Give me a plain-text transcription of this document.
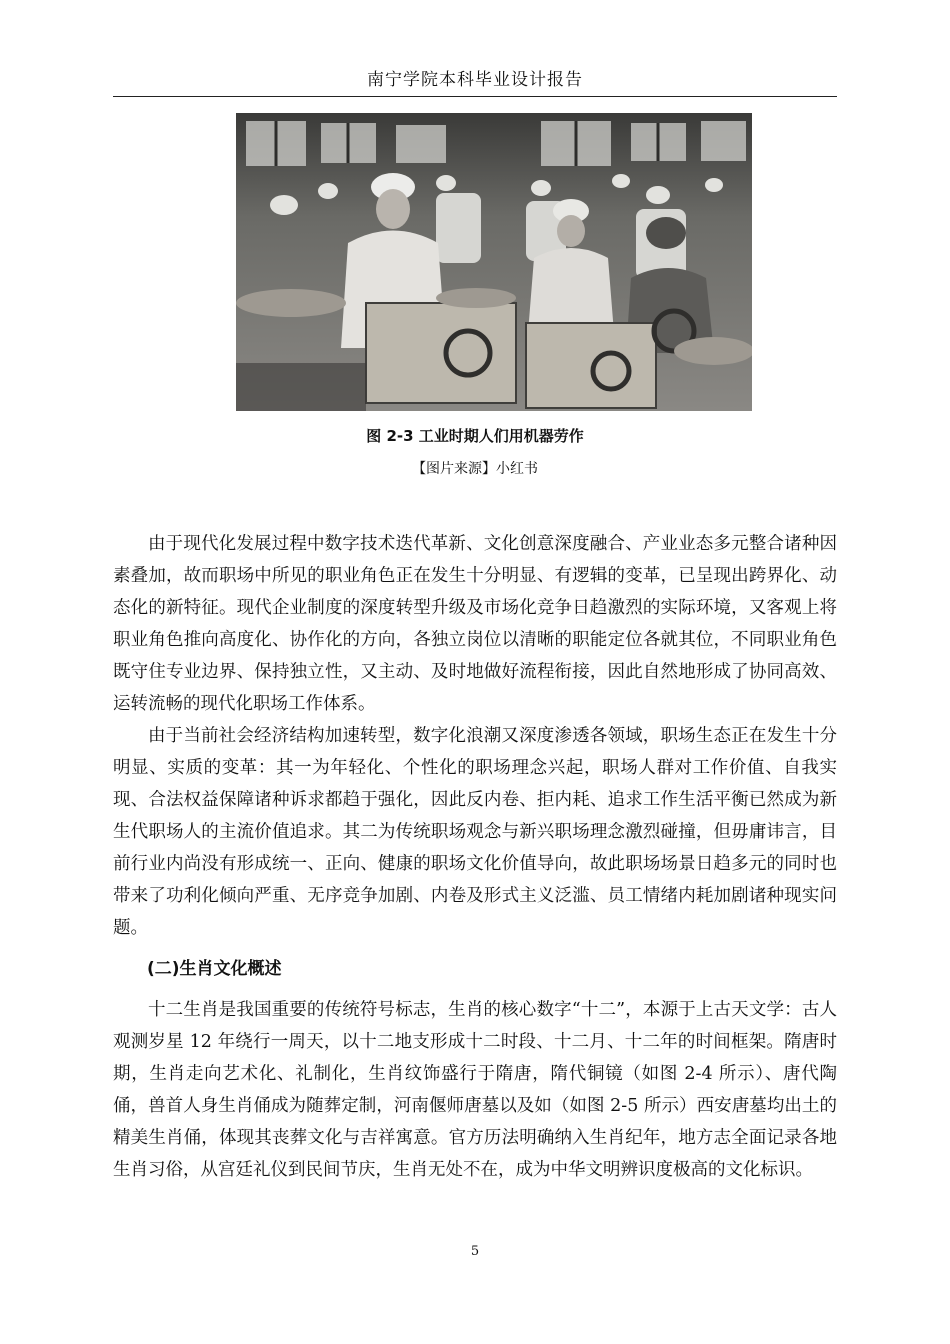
南宁学院本科毕业设计报告
图 2-3 工业时期人们用机器劳作
【图片来源】小红书

由于现代化发展过程中数字技术迭代革新、文化创意深度融合、产业业态多元整合诸种因素叠加，故而职场中所见的职业角色正在发生十分明显、有逻辑的变革，已呈现出跨界化、动态化的新特征。现代企业制度的深度转型升级及市场化竞争日趋激烈的实际环境，又客观上将职业角色推向高度化、协作化的方向，各独立岗位以清晰的职能定位各就其位，不同职业角色既守住专业边界、保持独立性，又主动、及时地做好流程衔接，因此自然地形成了协同高效、运转流畅的现代化职场工作体系。

由于当前社会经济结构加速转型，数字化浪潮又深度渗透各领域，职场生态正在发生十分明显、实质的变革：其一为年轻化、个性化的职场理念兴起，职场人群对工作价值、自我实现、合法权益保障诸种诉求都趋于强化，因此反内卷、拒内耗、追求工作生活平衡已然成为新生代职场人的主流价值追求。其二为传统职场观念与新兴职场理念激烈碰撞，但毋庸讳言，目前行业内尚没有形成统一、正向、健康的职场文化价值导向，故此职场场景日趋多元的同时也带来了功利化倾向严重、无序竞争加剧、内卷及形式主义泛滥、员工情绪内耗加剧诸种现实问题。

(二)生肖文化概述

十二生肖是我国重要的传统符号标志，生肖的核心数字“十二”，本源于上古天文学：古人观测岁星 12 年绕行一周天，以十二地支形成十二时段、十二月、十二年的时间框架。隋唐时期，生肖走向艺术化、礼制化，生肖纹饰盛行于隋唐，隋代铜镜（如图 2-4 所示）、唐代陶俑，兽首人身生肖俑成为随葬定制，河南偃师唐墓以及如（如图 2-5 所示）西安唐墓均出土的精美生肖俑，体现其丧葬文化与吉祥寓意。官方历法明确纳入生肖纪年，地方志全面记录各地生肖习俗，从宫廷礼仪到民间节庆，生肖无处不在，成为中华文明辨识度极高的文化标识。

5
